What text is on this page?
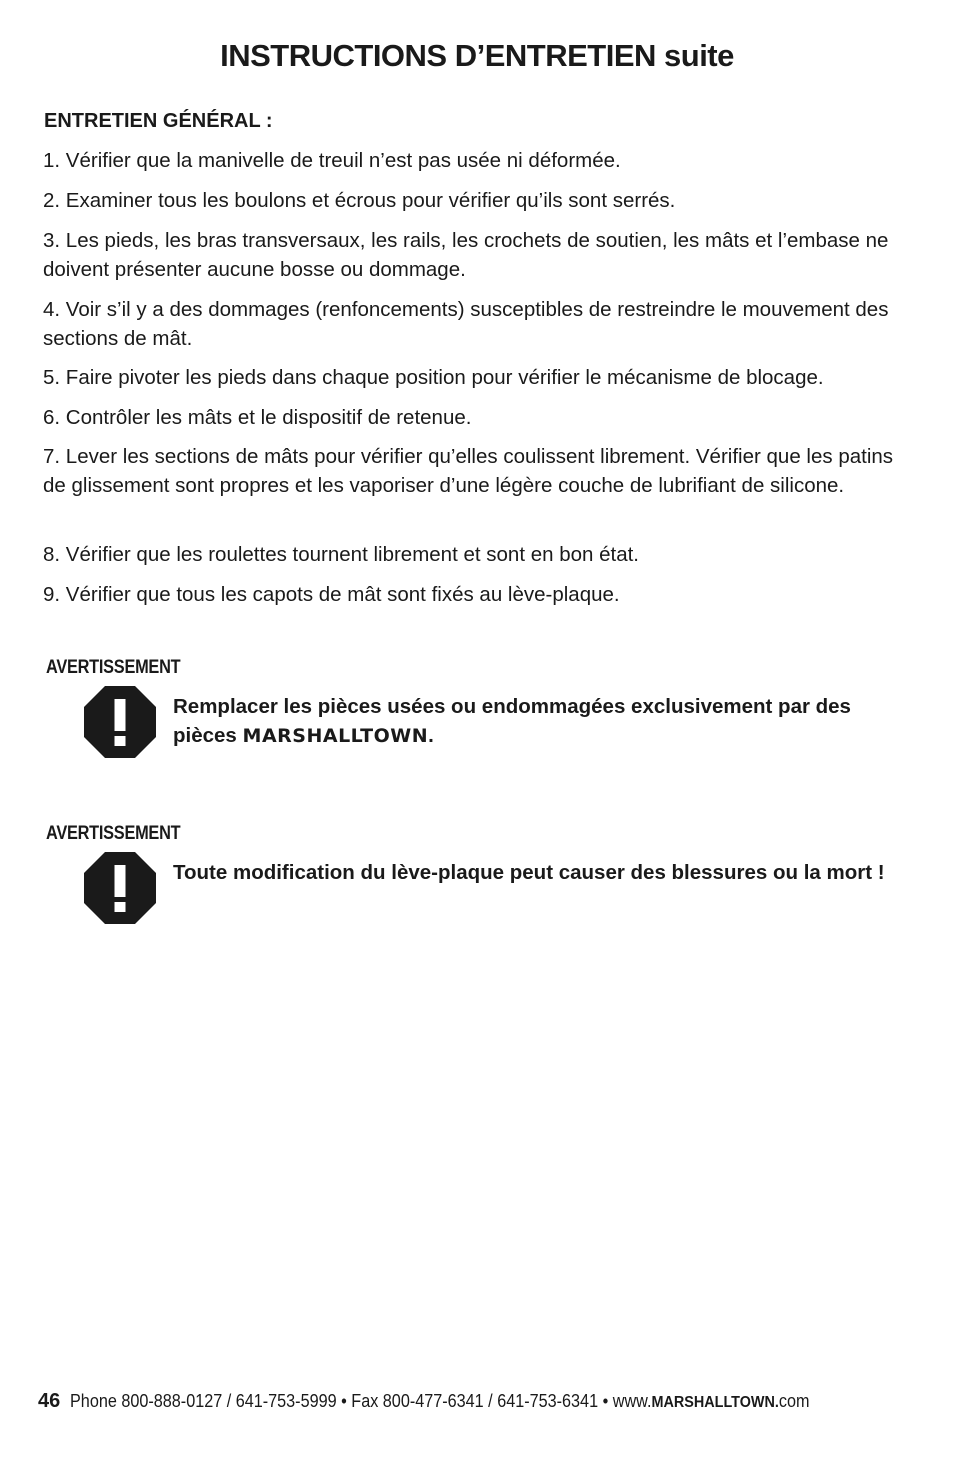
INSTRUCTIONS D’ENTRETIEN suite
ENTRETIEN GÉNÉRAL :
1. Vérifier que la manivelle de treuil n’est pas usée ni déformée.
2. Examiner tous les boulons et écrous pour vérifier qu’ils sont serrés.
3. Les pieds, les bras transversaux, les rails, les crochets de soutien, les mâts et l’embase ne doivent présenter aucune bosse ou dommage.
4. Voir s’il y a des dommages (renfoncements) susceptibles de restreindre le mouvement des sections de mât.
5. Faire pivoter les pieds dans chaque position pour vérifier le mécanisme de blocage.
6. Contrôler les mâts et le dispositif de retenue.
7. Lever les sections de mâts pour vérifier qu’elles coulissent librement. Vérifier que les patins de glissement sont propres et les vaporiser d’une légère couche de lubrifiant de silicone.
8. Vérifier que les roulettes tournent librement et sont en bon état.
9. Vérifier que tous les capots de mât sont fixés au lève-plaque.
AVERTISSEMENT
Remplacer les pièces usées ou endommagées exclusivement par des pièces MARSHALLTOWN.
AVERTISSEMENT
Toute modification du lève-plaque peut causer des blessures ou la mort !
46 Phone 800-888-0127 / 641-753-5999 • Fax 800-477-6341 / 641-753-6341 • www.MARSHALLTOWN.com
